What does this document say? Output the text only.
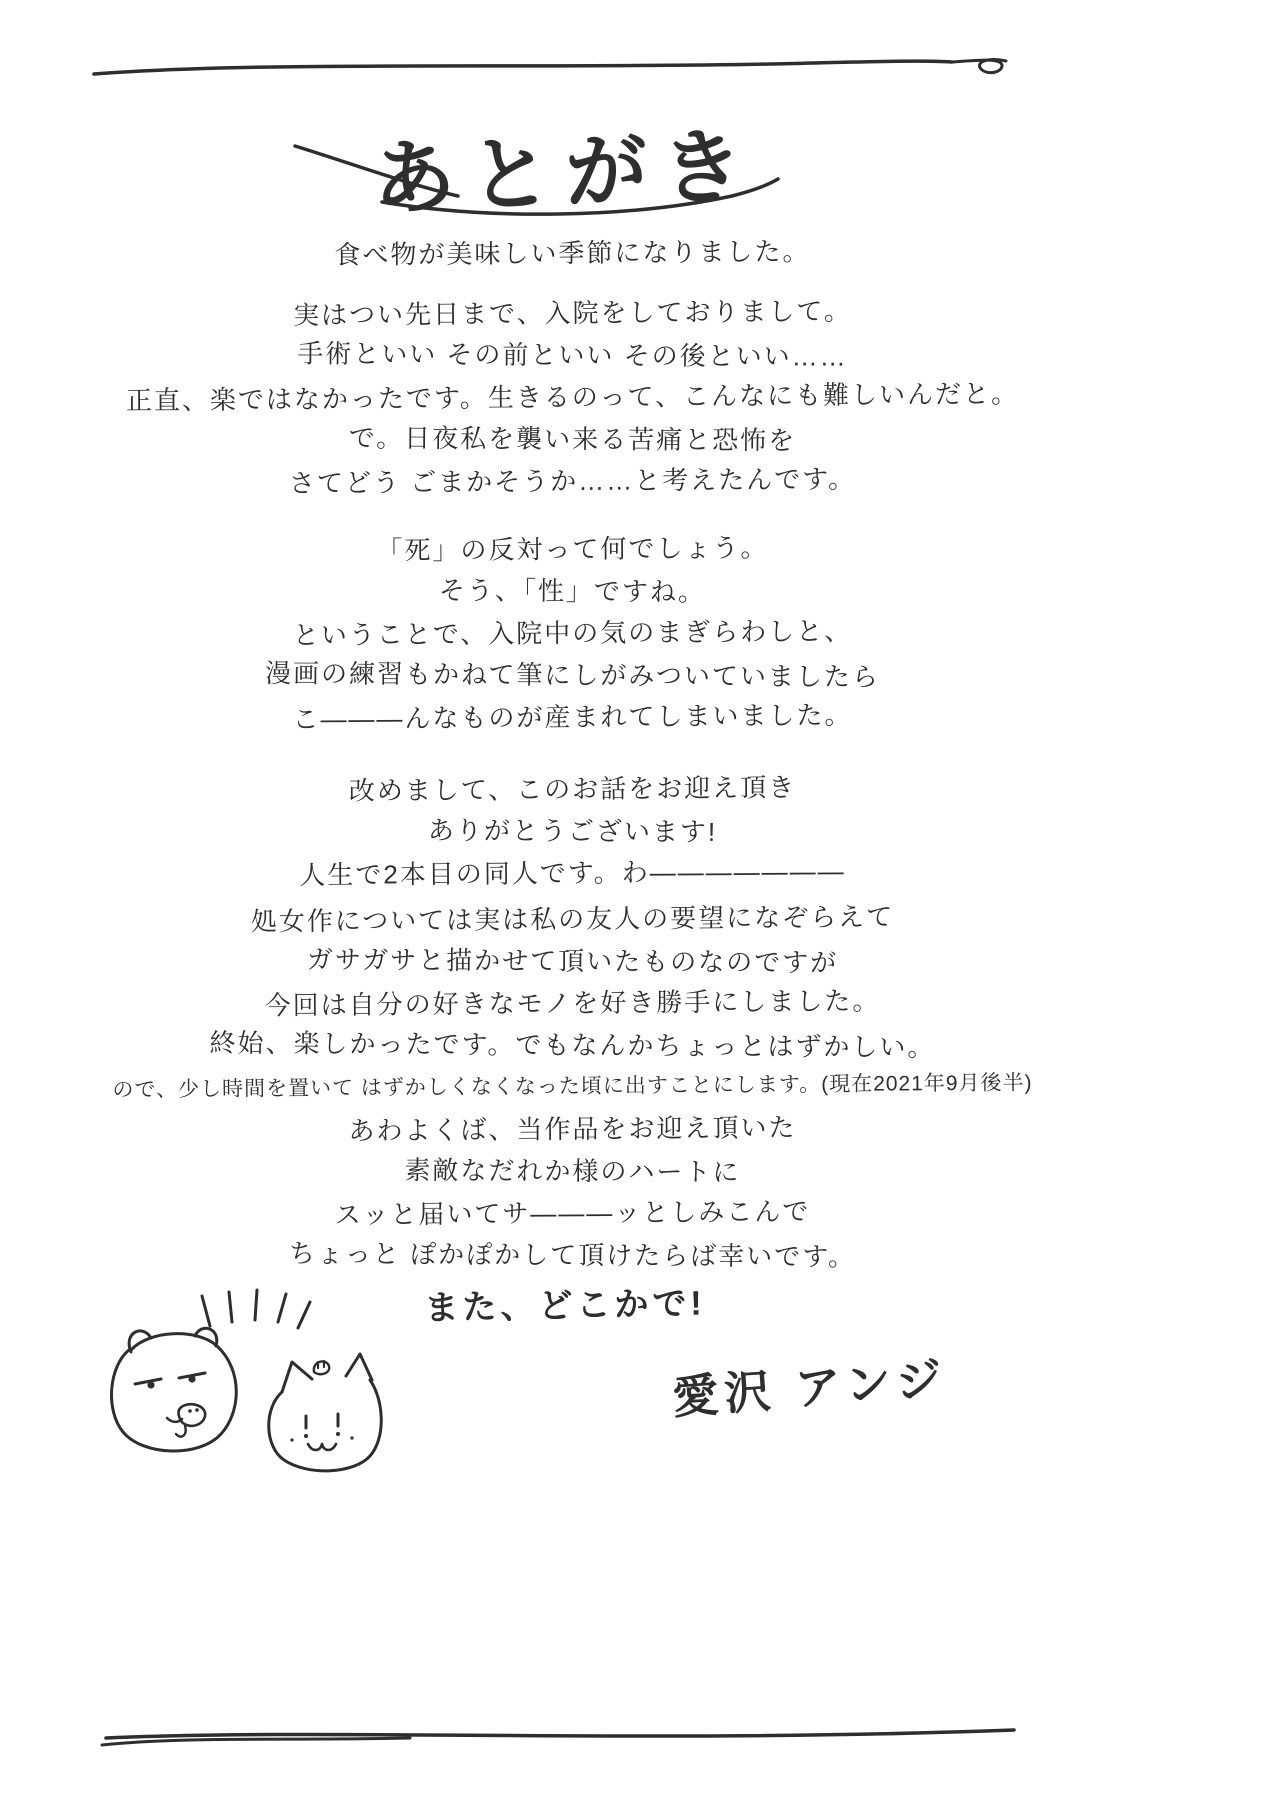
あとがき
食べ物が美味しい季節になりました。
実はつい先日まで、入院をしておりまして。
手術といい その前といい その後といい……
正直、楽ではなかったです。生きるのって、こんなにも難しいんだと。
で。日夜私を襲い来る苦痛と恐怖を
さてどう ごまかそうか……と考えたんです。
「死」の反対って何でしょう。
そう、「性」ですね。
ということで、入院中の気のまぎらわしと、
漫画の練習もかねて筆にしがみついていましたら
こ———んなものが産まれてしまいました。
改めまして、このお話をお迎え頂き
ありがとうございます!
人生で2本目の同人です。わ———————
処女作については実は私の友人の要望になぞらえて
ガサガサと描かせて頂いたものなのですが
今回は自分の好きなモノを好き勝手にしました。
終始、楽しかったです。でもなんかちょっとはずかしい。
ので、少し時間を置いて はずかしくなくなった頃に出すことにします。(現在2021年9月後半)
あわよくば、当作品をお迎え頂いた
素敵なだれか様のハートに
スッと届いてサ———ッとしみこんで
ちょっと ぽかぽかして頂けたらば幸いです。
また、どこかで!
愛沢 アンジ
